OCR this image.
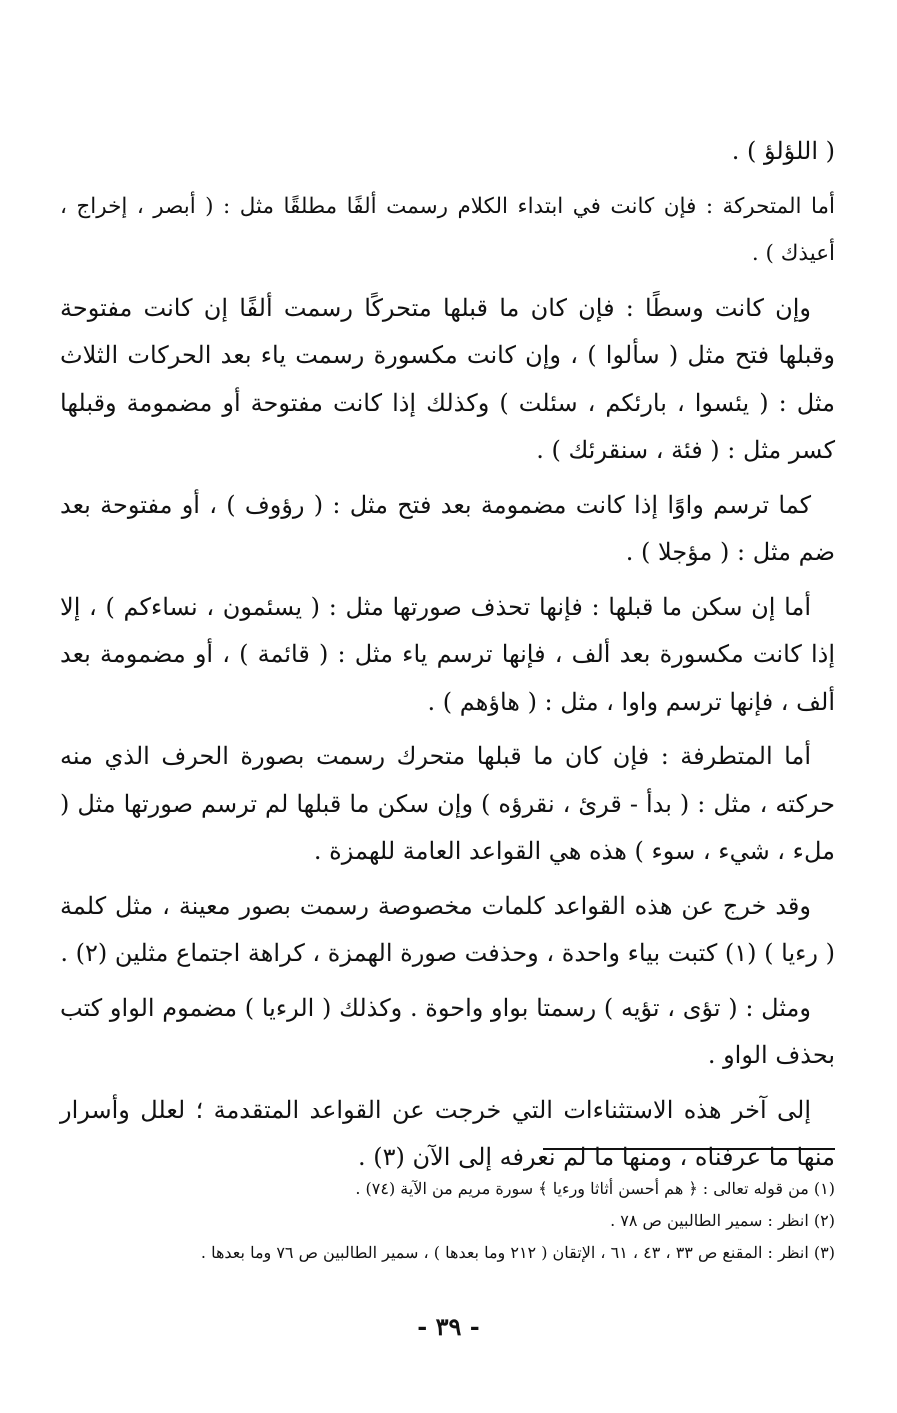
( اللؤلؤ ) .

أما المتحركة : فإن كانت في ابتداء الكلام رسمت ألفًا مطلقًا مثل : ( أبصر ، إخراج ، أعيذك ) .

وإن كانت وسطًا : فإن كان ما قبلها متحركًا رسمت ألفًا إن كانت مفتوحة وقبلها فتح مثل ( سألوا ) ، وإن كانت مكسورة رسمت ياء بعد الحركات الثلاث مثل : ( يئسوا ، بارئكم ، سئلت ) وكذلك إذا كانت مفتوحة أو مضمومة وقبلها كسر مثل : ( فئة ، سنقرئك ) .

كما ترسم واوًا إذا كانت مضمومة بعد فتح مثل : ( رؤوف ) ، أو مفتوحة بعد ضم مثل : ( مؤجلا ) .

أما إن سكن ما قبلها : فإنها تحذف صورتها مثل : ( يسئمون ، نساءكم ) ، إلا إذا كانت مكسورة بعد ألف ، فإنها ترسم ياء مثل : ( قائمة ) ، أو مضمومة بعد ألف ، فإنها ترسم واوا ، مثل : ( هاؤهم ) .

أما المتطرفة : فإن كان ما قبلها متحرك رسمت بصورة الحرف الذي منه حركته ، مثل : ( بدأ - قرئ ، نقرؤه ) وإن سكن ما قبلها لم ترسم صورتها مثل ( ملء ، شيء ، سوء ) هذه هي القواعد العامة للهمزة .

وقد خرج عن هذه القواعد كلمات مخصوصة رسمت بصور معينة ، مثل كلمة ( رءيا ) (١) كتبت بياء واحدة ، وحذفت صورة الهمزة ، كراهة اجتماع مثلين (٢) .

ومثل : ( تؤى ، تؤيه ) رسمتا بواو واحوة . وكذلك ( الرءيا ) مضموم الواو كتب بحذف الواو .

إلى آخر هذه الاستثناءات التي خرجت عن القواعد المتقدمة ؛ لعلل وأسرار منها ما عرفناه ، ومنها ما لم نعرفه إلى الآن (٣) .

(١) من قوله تعالى : ﴿ هم أحسن أثاثا ورءيا ﴾ سورة مريم من الآية (٧٤) .

(٢) انظر : سمير الطالبين ص ٧٨ .

(٣) انظر : المقنع ص ٣٣ ، ٤٣ ، ٦١ ، الإتقان ( ٢١٢ وما بعدها ) ، سمير الطالبين ص ٧٦ وما بعدها .

- ٣٩ -
